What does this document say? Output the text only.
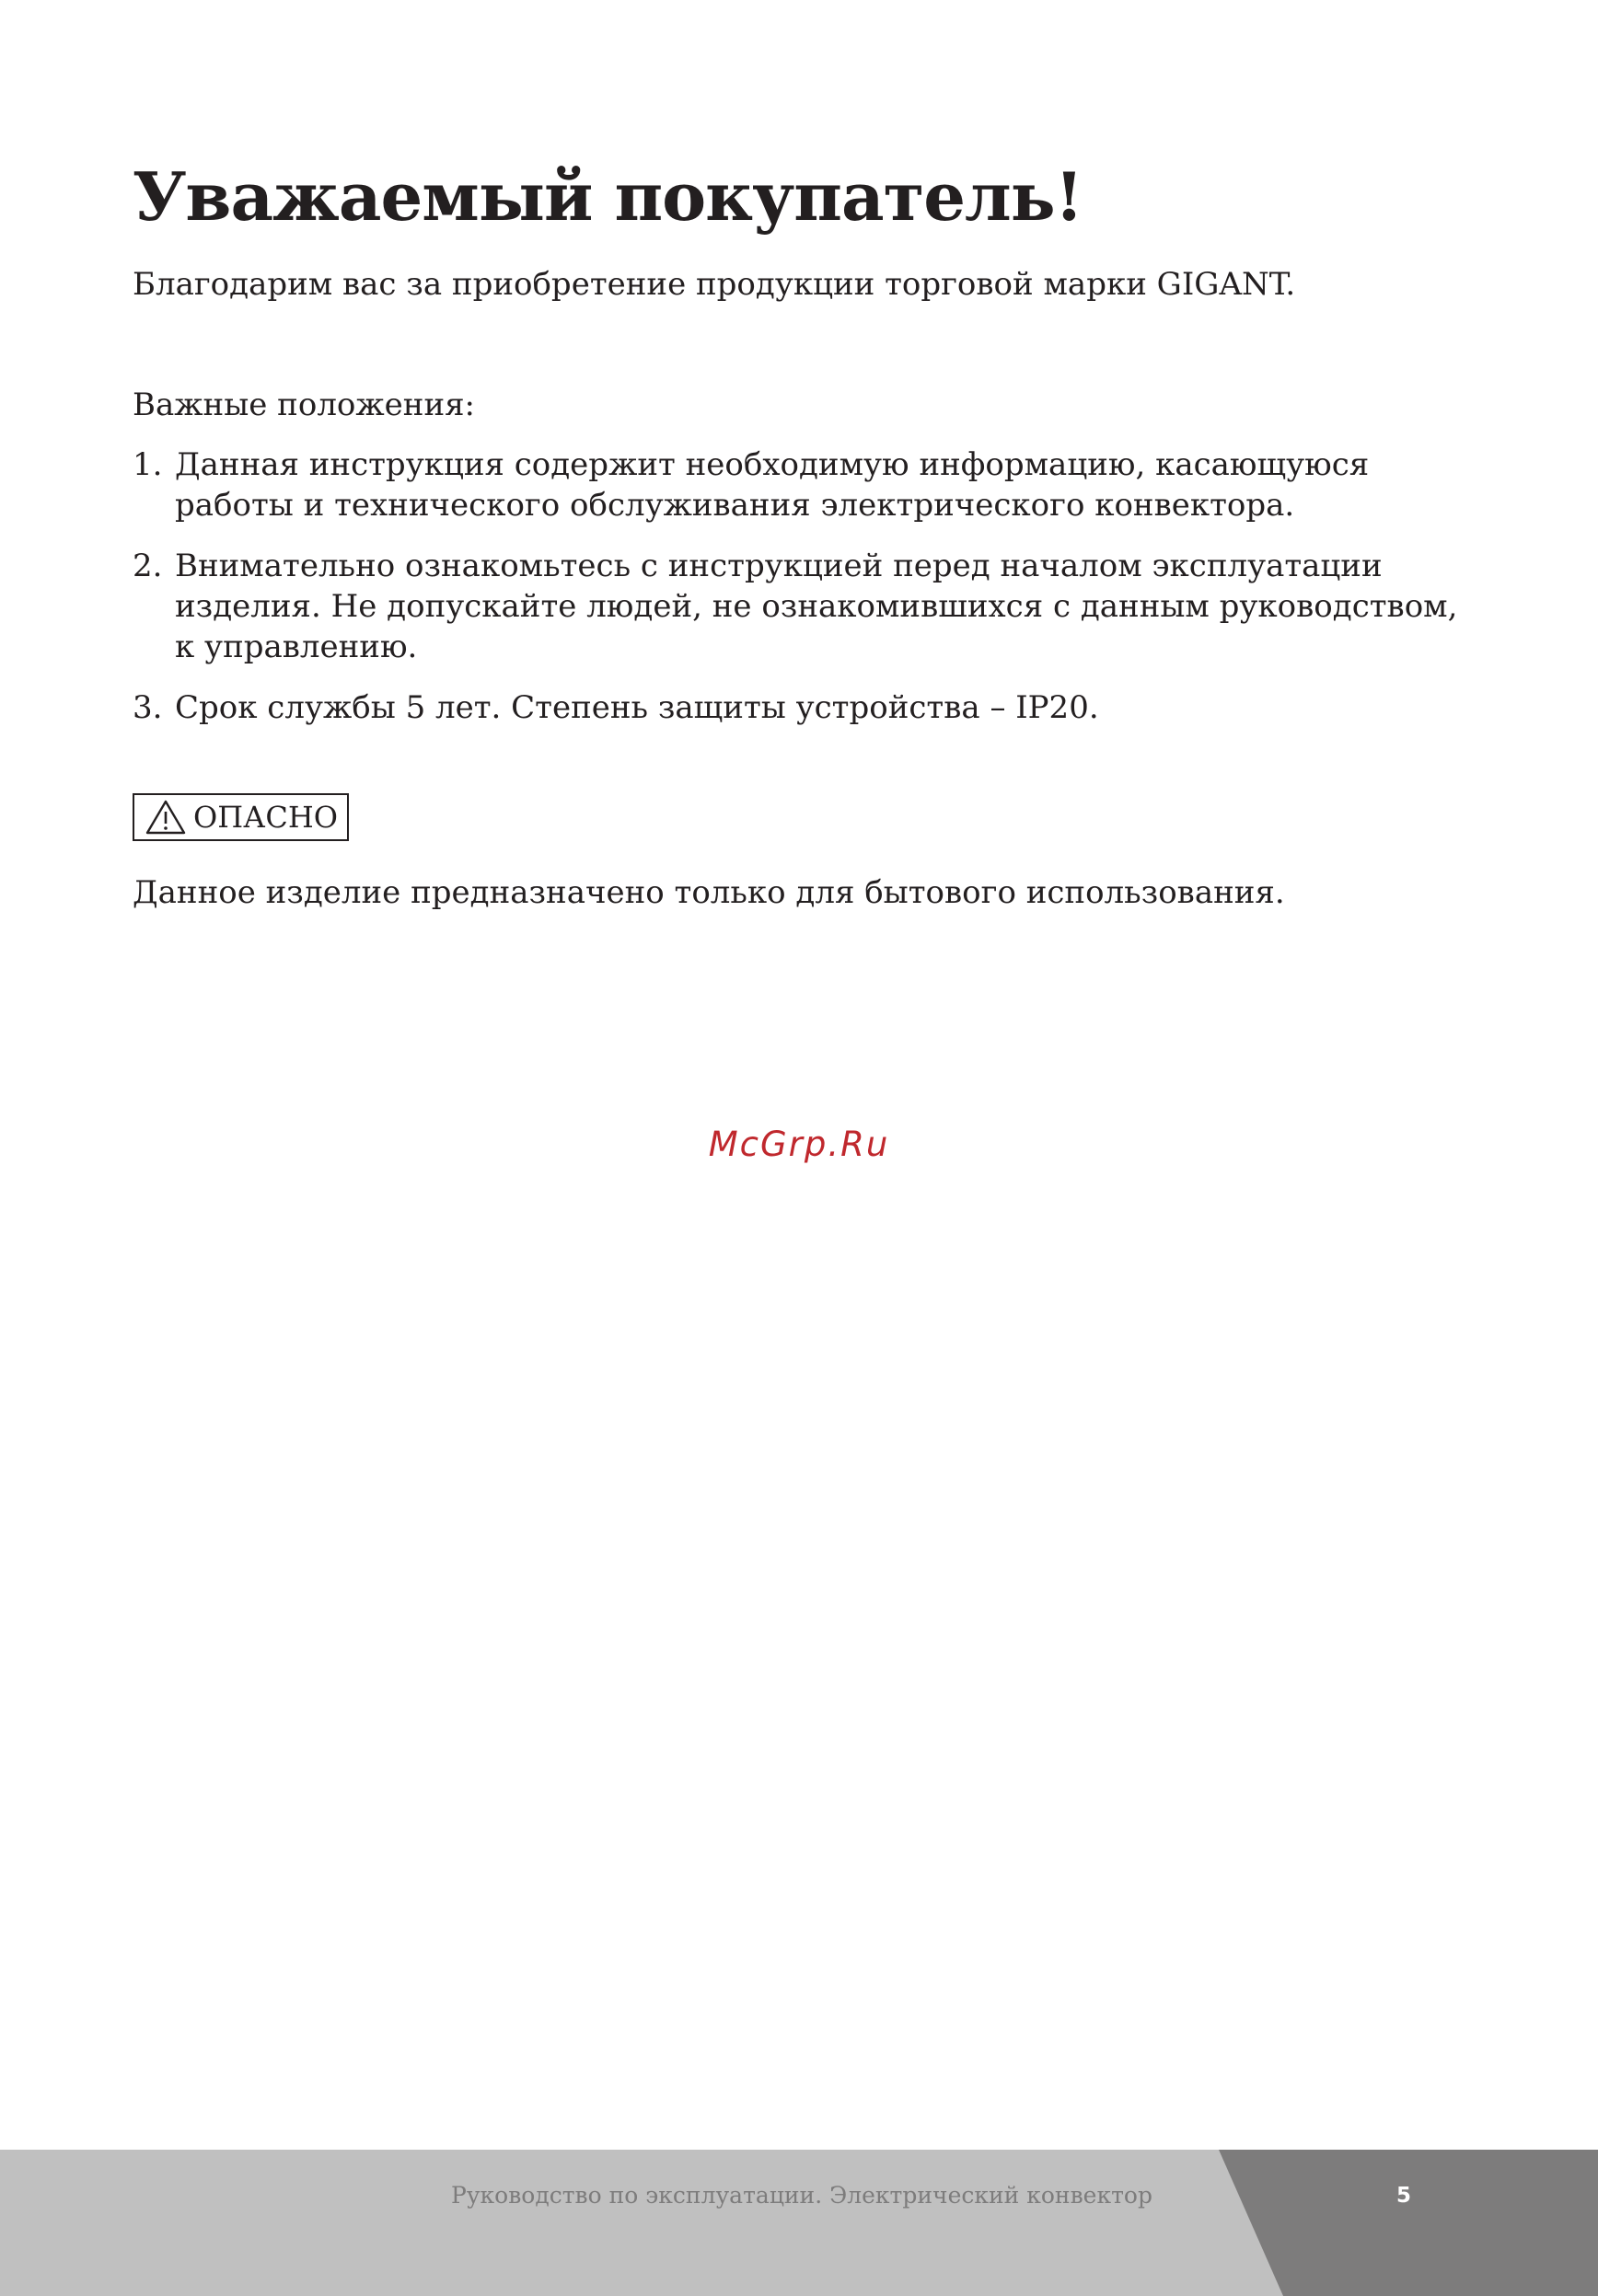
Уважаемый покупатель!

Благодарим вас за приобретение продукции торговой марки GIGANT.

Важные положения:

1. Данная инструкция содержит необходимую информацию, касающуюся работы и технического обслуживания электрического конвектора.
2. Внимательно ознакомьтесь с инструкцией перед началом эксплуатации изделия. Не допускайте людей, не ознакомившихся с данным руководством, к управлению.
3. Срок службы 5 лет. Степень защиты устройства – IP20.
ОПАСНО

Данное изделие предназначено только для бытового использования.

McGrp.Ru
Руководство по эксплуатации. Электрический конвектор	5
